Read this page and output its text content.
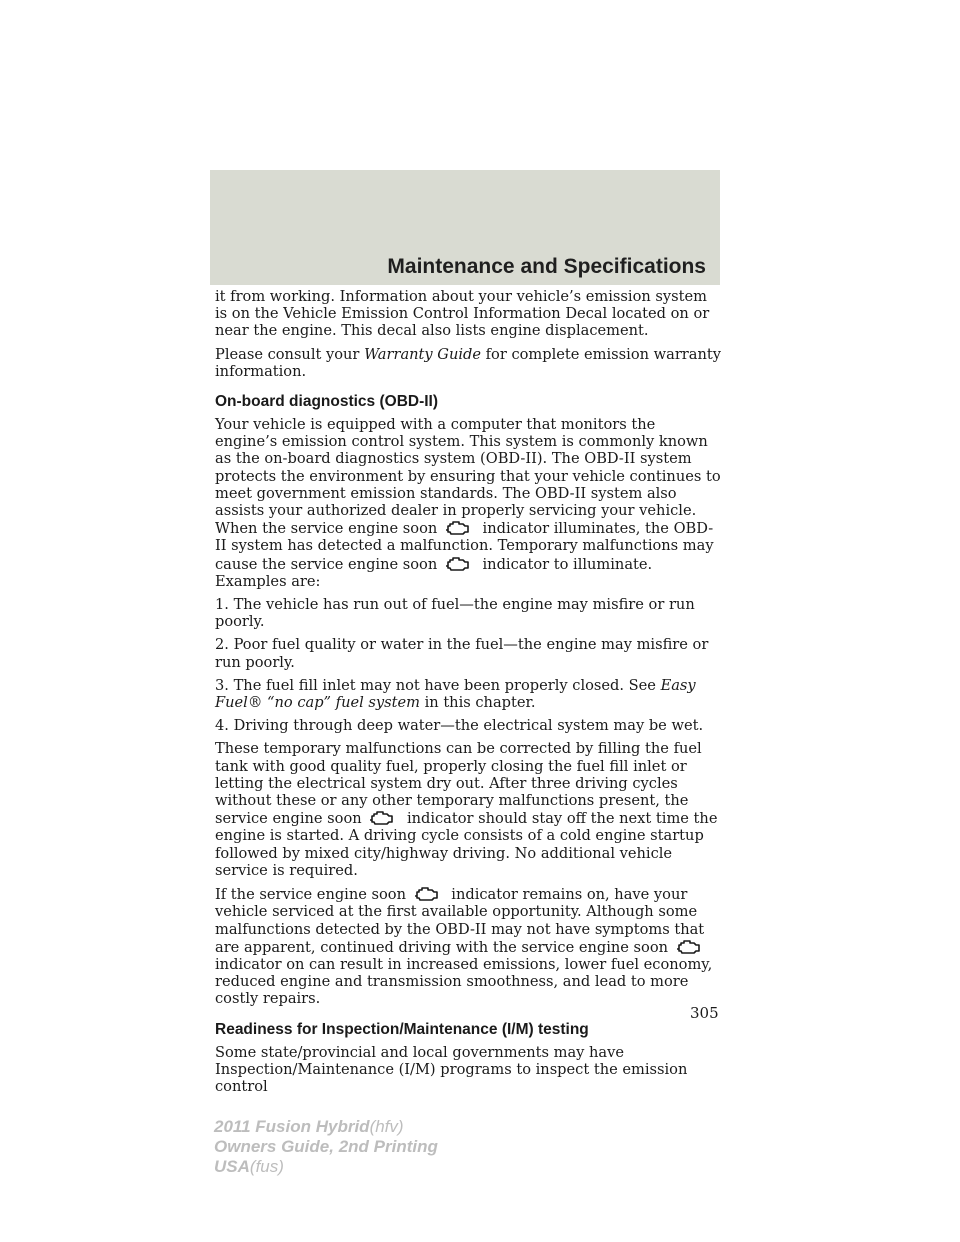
Maintenance and Specifications

it from working. Information about your vehicle’s emission system is on the Vehicle Emission Control Information Decal located on or near the engine. This decal also lists engine displacement.

Please consult your Warranty Guide for complete emission warranty information.

On-board diagnostics (OBD-II)

Your vehicle is equipped with a computer that monitors the engine’s emission control system. This system is commonly known as the on-board diagnostics system (OBD-II). The OBD-II system protects the environment by ensuring that your vehicle continues to meet government emission standards. The OBD-II system also assists your authorized dealer in properly servicing your vehicle. When the service engine soon	indicator illuminates, the OBD-II system has detected a malfunction. Temporary malfunctions may cause the service engine soon	indicator to illuminate. Examples are:

1. The vehicle has run out of fuel—the engine may misfire or run poorly.

2. Poor fuel quality or water in the fuel—the engine may misfire or run poorly.

3. The fuel fill inlet may not have been properly closed. See Easy Fuel® “no cap” fuel system in this chapter.

4. Driving through deep water—the electrical system may be wet.

These temporary malfunctions can be corrected by filling the fuel tank with good quality fuel, properly closing the fuel fill inlet or letting the electrical system dry out. After three driving cycles without these or any other temporary malfunctions present, the service engine soon	indicator should stay off the next time the engine is started. A driving cycle consists of a cold engine startup followed by mixed city/highway driving. No additional vehicle service is required.

If the service engine soon	indicator remains on, have your vehicle serviced at the first available opportunity. Although some malfunctions detected by the OBD-II may not have symptoms that are apparent, continued driving with the service engine soon  indicator on can result in increased emissions, lower fuel economy, reduced engine and transmission smoothness, and lead to more costly repairs.

Readiness for Inspection/Maintenance (I/M) testing

Some state/provincial and local governments may have Inspection/Maintenance (I/M) programs to inspect the emission control

305
2011 Fusion Hybrid(hfv)
Owners Guide, 2nd Printing
USA(fus)
